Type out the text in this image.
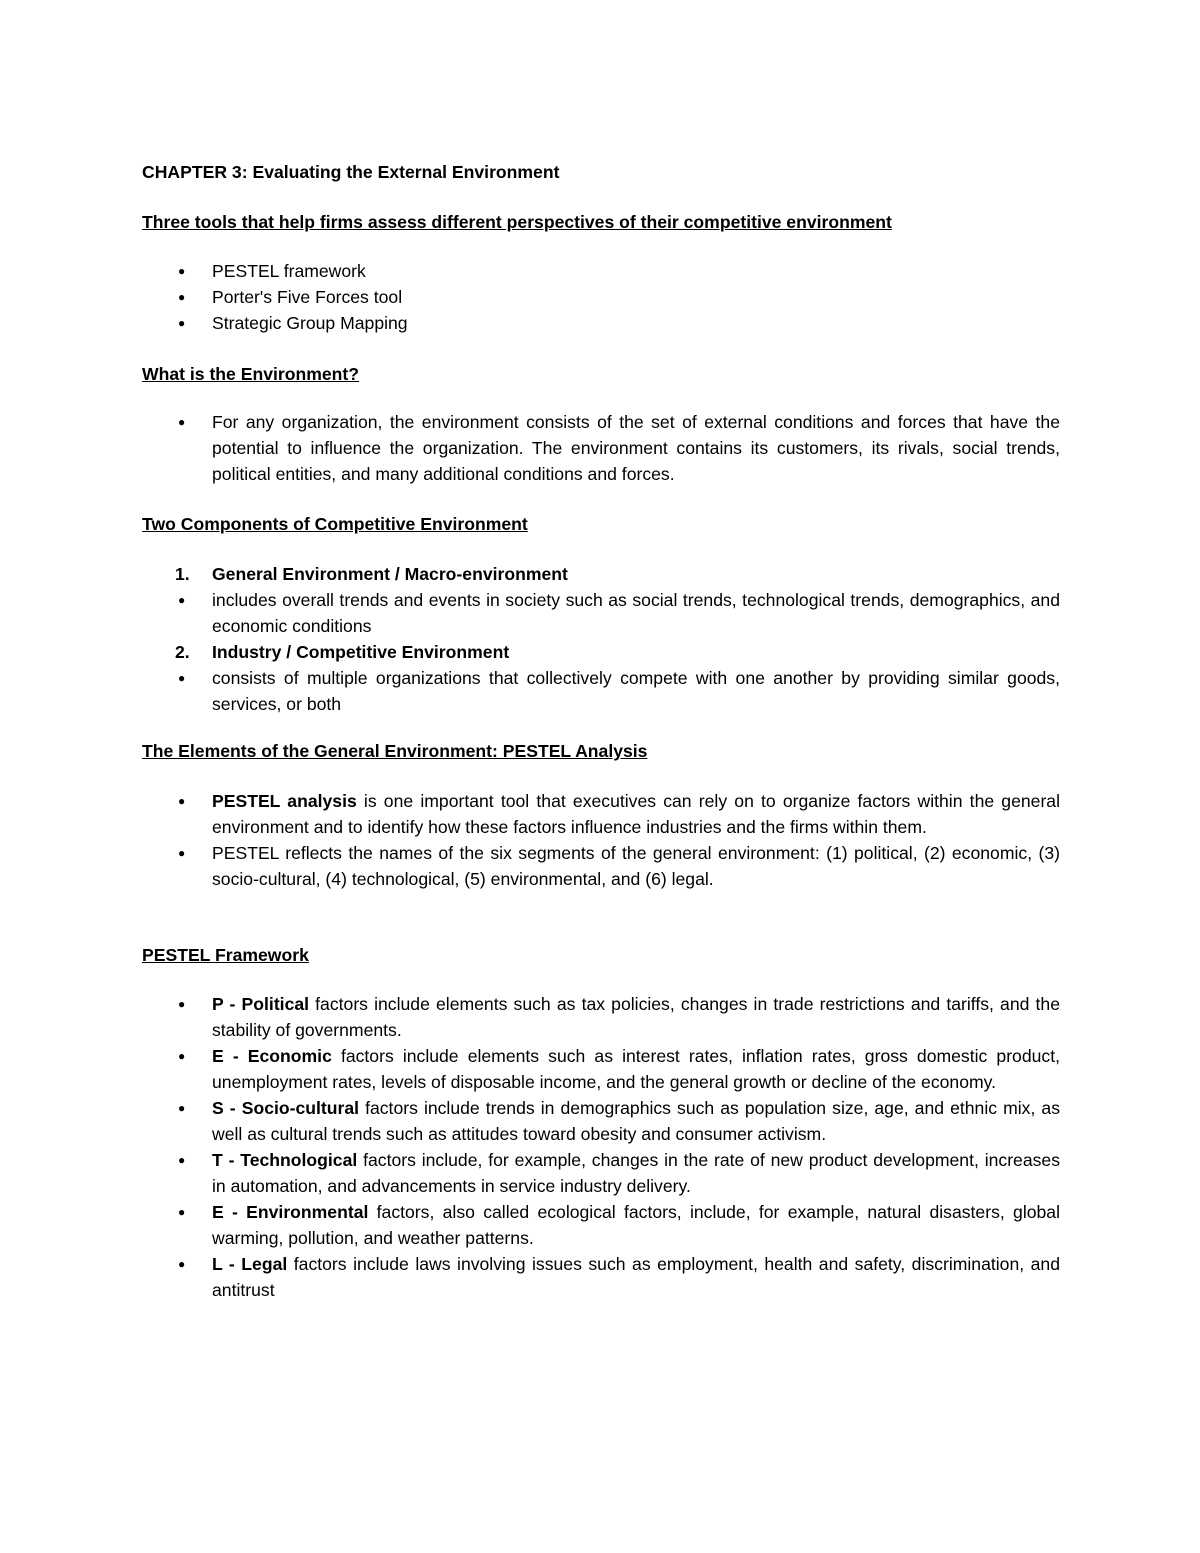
CHAPTER 3: Evaluating the External Environment
Three tools that help firms assess different perspectives of their competitive environment
●	PESTEL framework
●	Porter's Five Forces tool
●	Strategic Group Mapping
What is the Environment?
●	For any organization, the environment consists of the set of external conditions and forces that have the potential to influence the organization. The environment contains its customers, its rivals, social trends, political entities, and many additional conditions and forces.
Two Components of Competitive Environment
1. General Environment / Macro-environment
●	includes overall trends and events in society such as social trends, technological trends, demographics, and economic conditions
2. Industry / Competitive Environment
●	consists of multiple organizations that collectively compete with one another by providing similar goods, services, or both
The Elements of the General Environment: PESTEL Analysis
●	PESTEL analysis is one important tool that executives can rely on to organize factors within the general environment and to identify how these factors influence industries and the firms within them.
●	PESTEL reflects the names of the six segments of the general environment: (1) political, (2) economic, (3) socio-cultural, (4) technological, (5) environmental, and (6) legal.
PESTEL Framework
●	P - Political factors include elements such as tax policies, changes in trade restrictions and tariffs, and the stability of governments.
●	E - Economic factors include elements such as interest rates, inflation rates, gross domestic product, unemployment rates, levels of disposable income, and the general growth or decline of the economy.
●	S - Socio-cultural factors include trends in demographics such as population size, age, and ethnic mix, as well as cultural trends such as attitudes toward obesity and consumer activism.
●	T - Technological factors include, for example, changes in the rate of new product development, increases in automation, and advancements in service industry delivery.
●	E - Environmental factors, also called ecological factors, include, for example, natural disasters, global warming, pollution, and weather patterns.
●	L - Legal factors include laws involving issues such as employment, health and safety, discrimination, and antitrust
